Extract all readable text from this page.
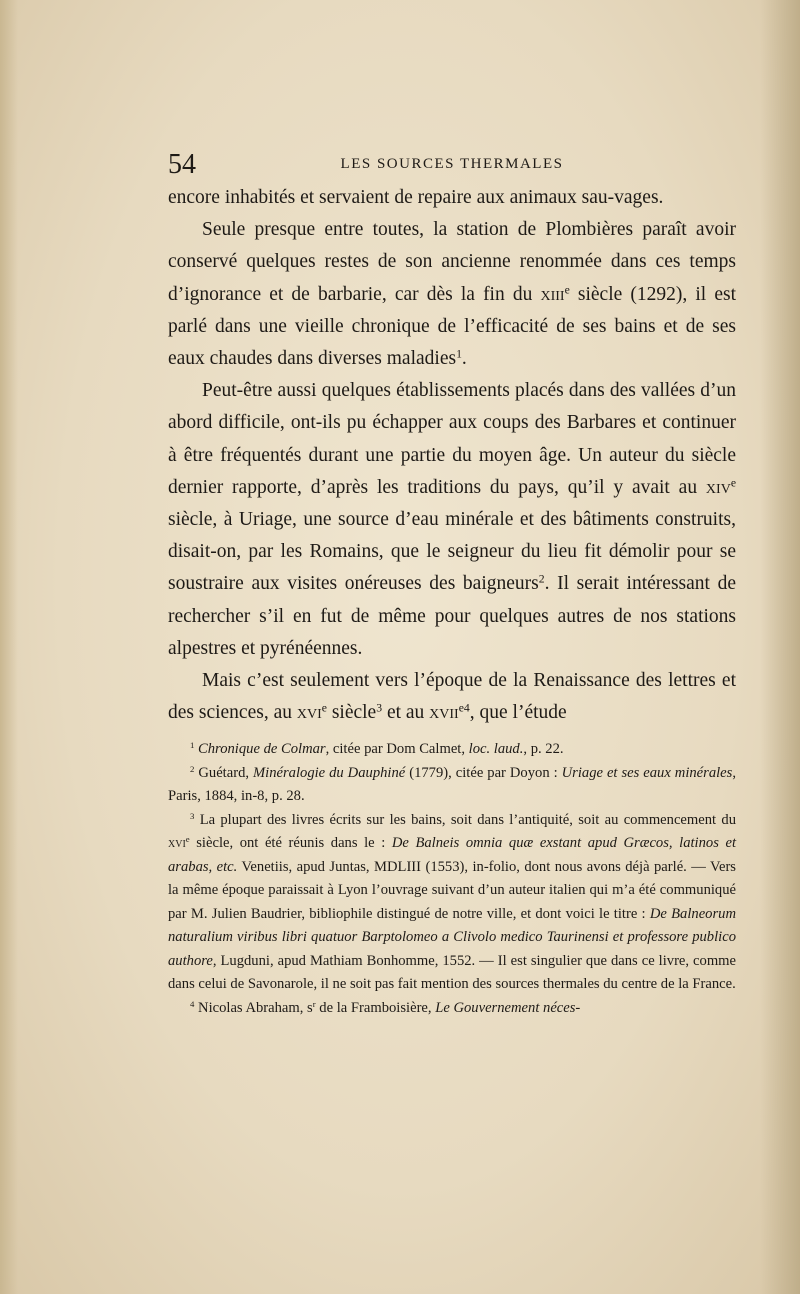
54	LES SOURCES THERMALES

encore inhabités et servaient de repaire aux animaux sau-vages.

Seule presque entre toutes, la station de Plombières paraît avoir conservé quelques restes de son ancienne renommée dans ces temps d’ignorance et de barbarie, car dès la fin du xiii$^e$ siècle (1292), il est parlé dans une vieille chronique de l’efficacité de ses bains et de ses eaux chaudes dans diverses maladies$^1$.

Peut-être aussi quelques établissements placés dans des vallées d’un abord difficile, ont-ils pu échapper aux coups des Barbares et continuer à être fréquentés durant une partie du moyen âge. Un auteur du siècle dernier rapporte, d’après les traditions du pays, qu’il y avait au xiv$^e$ siècle, à Uriage, une source d’eau minérale et des bâtiments construits, disait-on, par les Romains, que le seigneur du lieu fit démolir pour se soustraire aux visites onéreuses des baigneurs$^2$. Il serait intéressant de rechercher s’il en fut de même pour quelques autres de nos stations alpestres et pyrénéennes.

Mais c’est seulement vers l’époque de la Renaissance des lettres et des sciences, au xvi$^e$ siècle$^3$ et au xvii$^{e4}$, que l’étude

$^1$ Chronique de Colmar, citée par Dom Calmet, loc. laud., p. 22.

$^2$ Guétard, Minéralogie du Dauphiné (1779), citée par Doyon : Uriage et ses eaux minérales, Paris, 1884, in-8, p. 28.

$^3$ La plupart des livres écrits sur les bains, soit dans l’antiquité, soit au commencement du xvi$^e$ siècle, ont été réunis dans le : De Balneis omnia quæ exstant apud Græcos, latinos et arabas, etc. Venetiis, apud Juntas, MDLIII (1553), in-folio, dont nous avons déjà parlé. — Vers la même époque paraissait à Lyon l’ouvrage suivant d’un auteur italien qui m’a été communiqué par M. Julien Baudrier, bibliophile distingué de notre ville, et dont voici le titre : De Balneorum naturalium viribus libri quatuor Barptolomeo a Clivolo medico Taurinensi et professore publico authore, Lugduni, apud Mathiam Bonhomme, 1552. — Il est singulier que dans ce livre, comme dans celui de Savonarole, il ne soit pas fait mention des sources thermales du centre de la France.

$^4$ Nicolas Abraham, $s^r$ de la Framboisière, Le Gouvernement néces-
